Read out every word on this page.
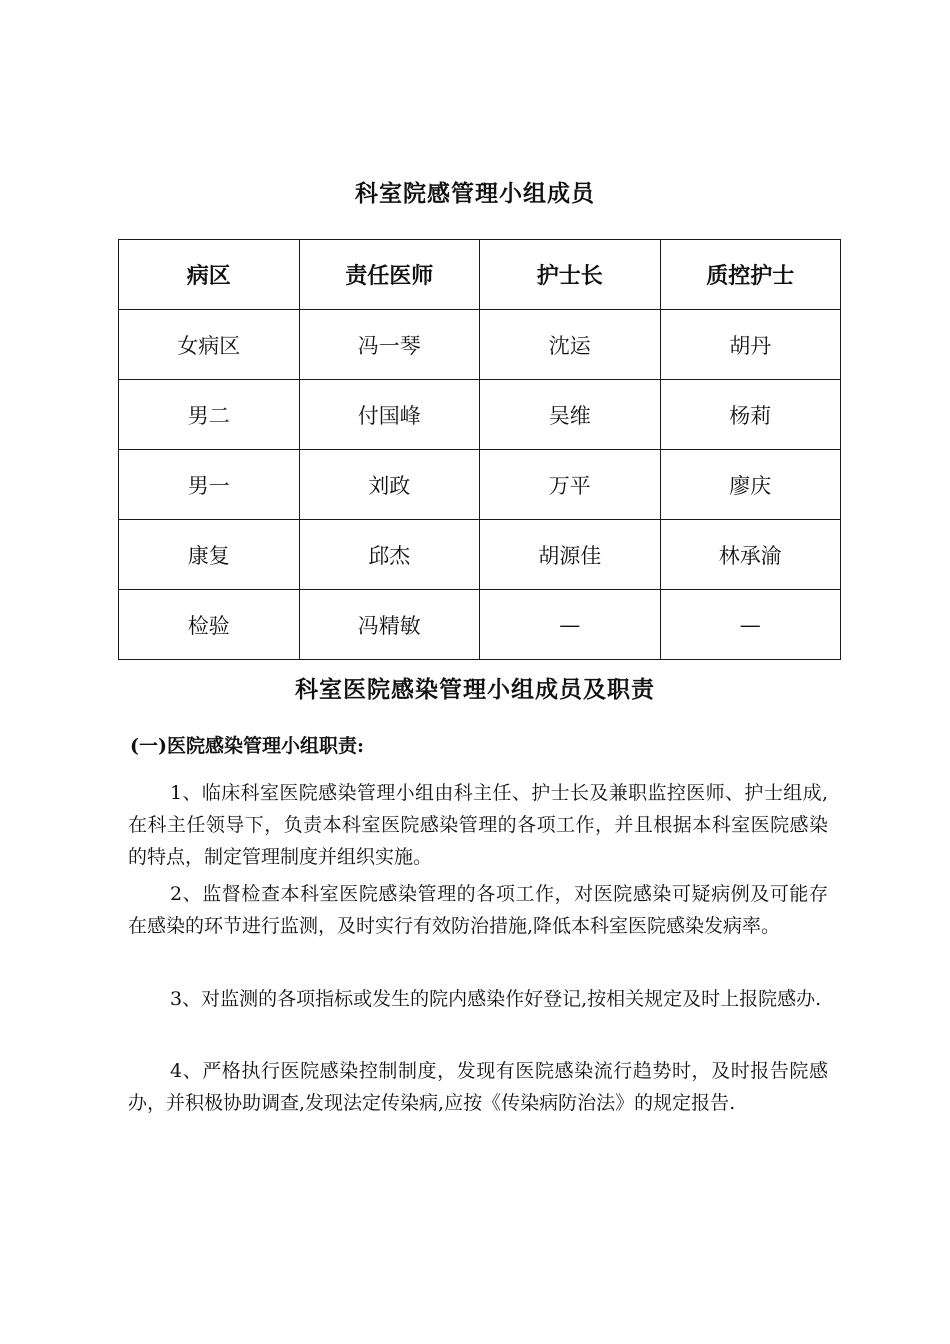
科室院感管理小组成员
病区	责任医师	护士长	质控护士
女病区	冯一琴	沈运	胡丹
男二	付国峰	吴维	杨莉
男一	刘政	万平	廖庆
康复	邱杰	胡源佳	林承渝
检验	冯精敏	—	—
科室医院感染管理小组成员及职责
(一)医院感染管理小组职责:

1、临床科室医院感染管理小组由科主任、护士长及兼职监控医师、护士组成,在科主任领导下，负责本科室医院感染管理的各项工作，并且根据本科室医院感染的特点，制定管理制度并组织实施。

2、监督检查本科室医院感染管理的各项工作，对医院感染可疑病例及可能存在感染的环节进行监测，及时实行有效防治措施,降低本科室医院感染发病率。

3、对监测的各项指标或发生的院内感染作好登记,按相关规定及时上报院感办.

4、严格执行医院感染控制制度，发现有医院感染流行趋势时，及时报告院感办，并积极协助调查,发现法定传染病,应按《传染病防治法》的规定报告.
